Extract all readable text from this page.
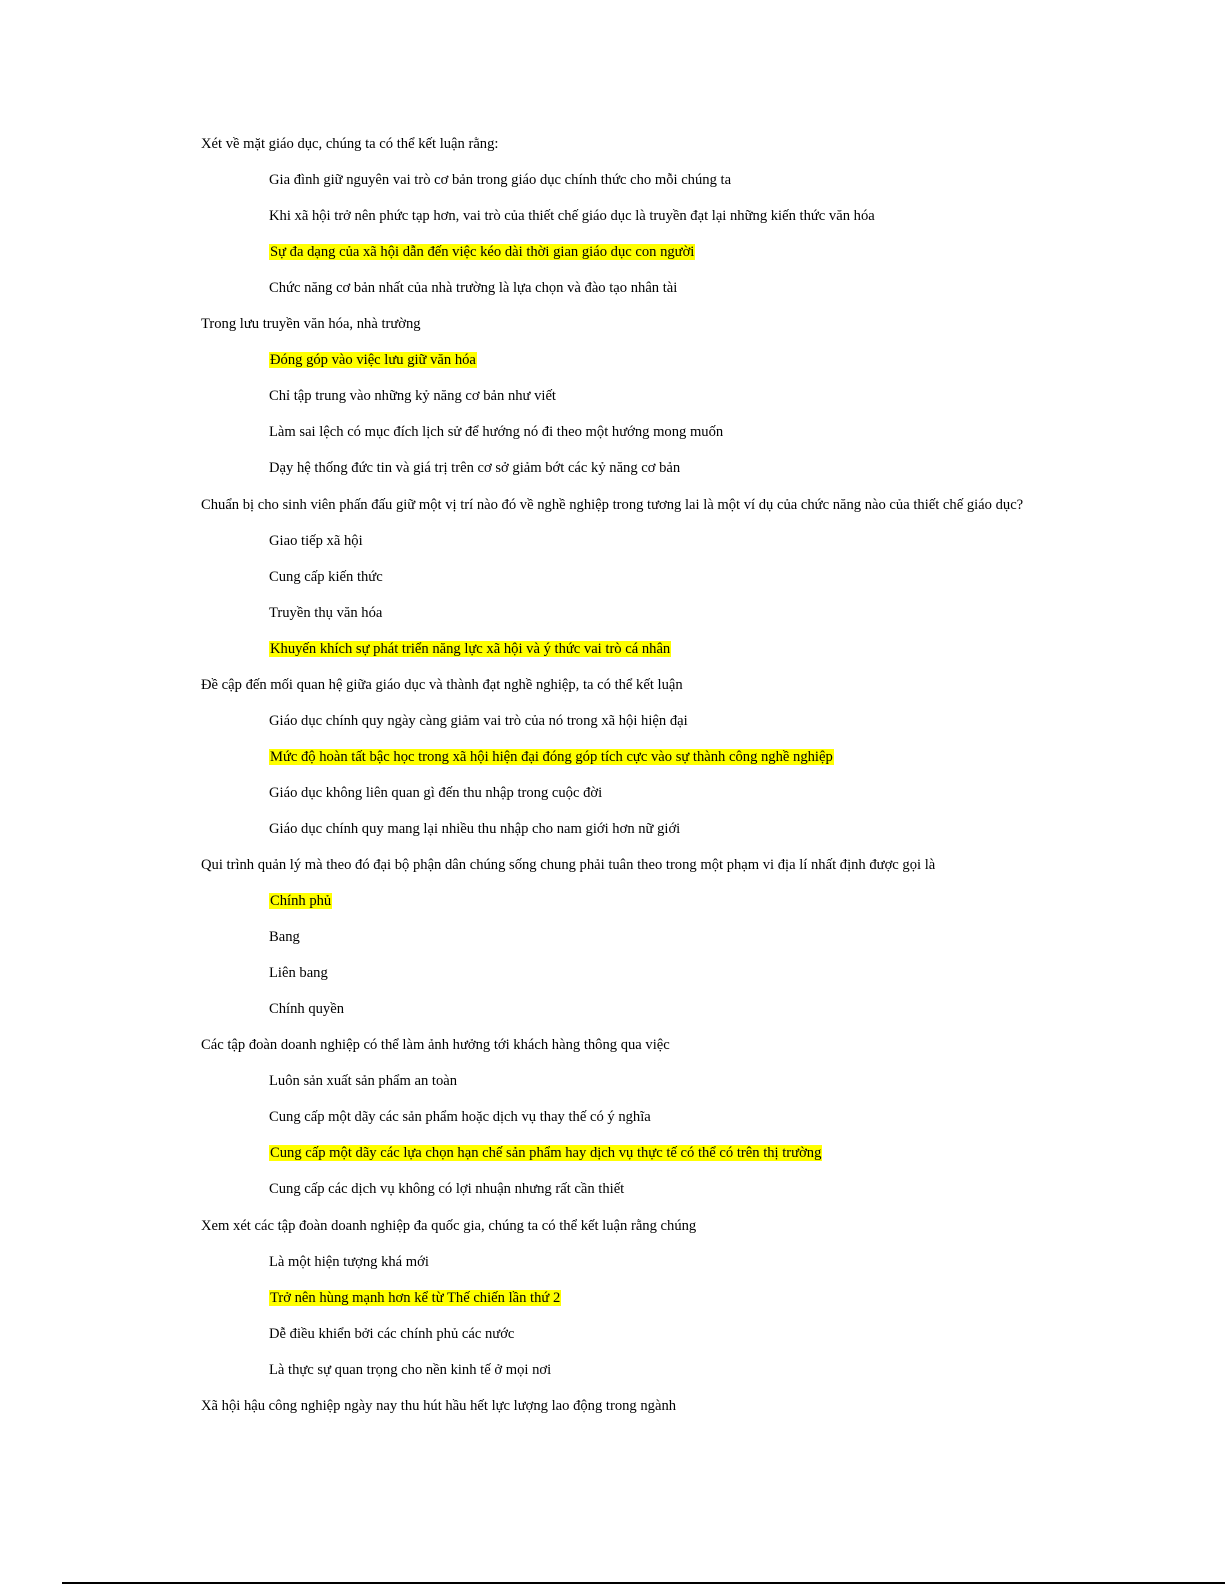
Xét về mặt giáo dục, chúng ta có thể kết luận rằng:
Gia đình giữ nguyên vai trò cơ bản trong giáo dục chính thức cho mỗi chúng ta
Khi xã hội trở nên phức tạp hơn, vai trò của thiết chế giáo dục là truyền đạt lại những kiến thức văn hóa
Sự đa dạng của xã hội dẫn đến việc kéo dài thời gian giáo dục con người
Chức năng cơ bản nhất của nhà trường là lựa chọn và đào tạo nhân tài
Trong lưu truyền văn hóa, nhà trường
Đóng góp vào việc lưu giữ văn hóa
Chỉ tập trung vào những kỷ năng cơ bản như viết
Làm sai lệch có mục đích lịch sử để hướng nó đi theo một hướng mong muốn
Dạy hệ thống đức tin và giá trị trên cơ sở giảm bớt các kỷ năng cơ bản
Chuẩn bị cho sinh viên phấn đấu giữ một vị trí nào đó về nghề nghiệp trong tương lai là một ví dụ của chức năng nào của thiết chế giáo dục?
Giao tiếp xã hội
Cung cấp kiến thức
Truyền thụ văn hóa
Khuyến khích sự phát triển năng lực xã hội và ý thức vai trò cá nhân
Đề cập đến mối quan hệ giữa giáo dục và thành đạt nghề nghiệp, ta có thể kết luận
Giáo dục chính quy ngày càng giảm vai trò của nó trong xã hội hiện đại
Mức độ hoàn tất bậc học trong xã hội hiện đại đóng góp tích cực vào sự thành công nghề nghiệp
Giáo dục không liên quan gì đến thu nhập trong cuộc đời
Giáo dục chính quy mang lại nhiều thu nhập cho nam giới hơn nữ giới
Qui trình quản lý mà theo đó đại bộ phận dân chúng sống chung phải tuân theo trong một phạm vi địa lí nhất định được gọi là
Chính phủ
Bang
Liên bang
Chính quyền
Các tập đoàn doanh nghiệp có thể làm ảnh hưởng tới khách hàng thông qua việc
Luôn sản xuất sản phẩm an toàn
Cung cấp một dãy các sản phẩm hoặc dịch vụ thay thế có ý nghĩa
Cung cấp một dãy các lựa chọn hạn chế sản phẩm hay dịch vụ thực tế có thể có trên thị trường
Cung cấp các dịch vụ không có lợi nhuận nhưng rất cần thiết
Xem xét các tập đoàn doanh nghiệp đa quốc gia, chúng ta có thể kết luận rằng chúng
Là một hiện tượng khá mới
Trở nên hùng mạnh hơn kể từ Thế chiến lần thứ 2
Dễ điều khiển bởi các chính phủ các nước
Là thực sự quan trọng cho nền kinh tế ở mọi nơi
Xã hội hậu công nghiệp ngày nay thu hút hầu hết lực lượng lao động trong ngành
